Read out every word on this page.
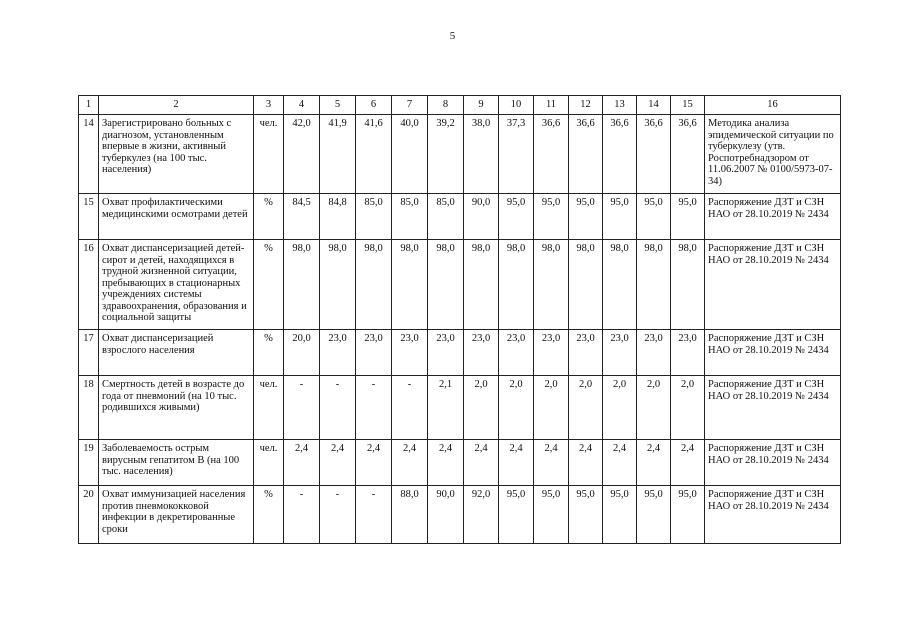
5
1	2	3	4	5	6	7	8	9	10	11	12	13	14	15	16
14	Зарегистрировано больных с диагнозом, установленным впервые в жизни, активный туберкулез (на 100 тыс. населения)	чел.	42,0	41,9	41,6	40,0	39,2	38,0	37,3	36,6	36,6	36,6	36,6	36,6	Методика анализа эпидемической ситуации по туберкулезу (утв. Роспотребнадзором от 11.06.2007 № 0100/5973-07-34)
15	Охват профилактическими медицинскими осмотрами детей	%	84,5	84,8	85,0	85,0	85,0	90,0	95,0	95,0	95,0	95,0	95,0	95,0	Распоряжение ДЗТ и СЗН НАО от 28.10.2019 № 2434
16	Охват диспансеризацией детей-сирот и детей, находящихся в трудной жизненной ситуации, пребывающих в стационарных учреждениях системы здравоохранения, образования и социальной защиты	%	98,0	98,0	98,0	98,0	98,0	98,0	98,0	98,0	98,0	98,0	98,0	98,0	Распоряжение ДЗТ и СЗН НАО от 28.10.2019 № 2434
17	Охват диспансеризацией взрослого населения	%	20,0	23,0	23,0	23,0	23,0	23,0	23,0	23,0	23,0	23,0	23,0	23,0	Распоряжение ДЗТ и СЗН НАО от 28.10.2019 № 2434
18	Смертность детей в возрасте до года от пневмоний (на 10 тыс. родившихся живыми)	чел.	-	-	-	-	2,1	2,0	2,0	2,0	2,0	2,0	2,0	2,0	Распоряжение ДЗТ и СЗН НАО от 28.10.2019 № 2434
19	Заболеваемость острым вирусным гепатитом В (на 100 тыс. населения)	чел.	2,4	2,4	2,4	2,4	2,4	2,4	2,4	2,4	2,4	2,4	2,4	2,4	Распоряжение ДЗТ и СЗН НАО от 28.10.2019 № 2434
20	Охват иммунизацией населения против пневмококковой инфекции в декретированные сроки	%	-	-	-	88,0	90,0	92,0	95,0	95,0	95,0	95,0	95,0	95,0	Распоряжение ДЗТ и СЗН НАО от 28.10.2019 № 2434
